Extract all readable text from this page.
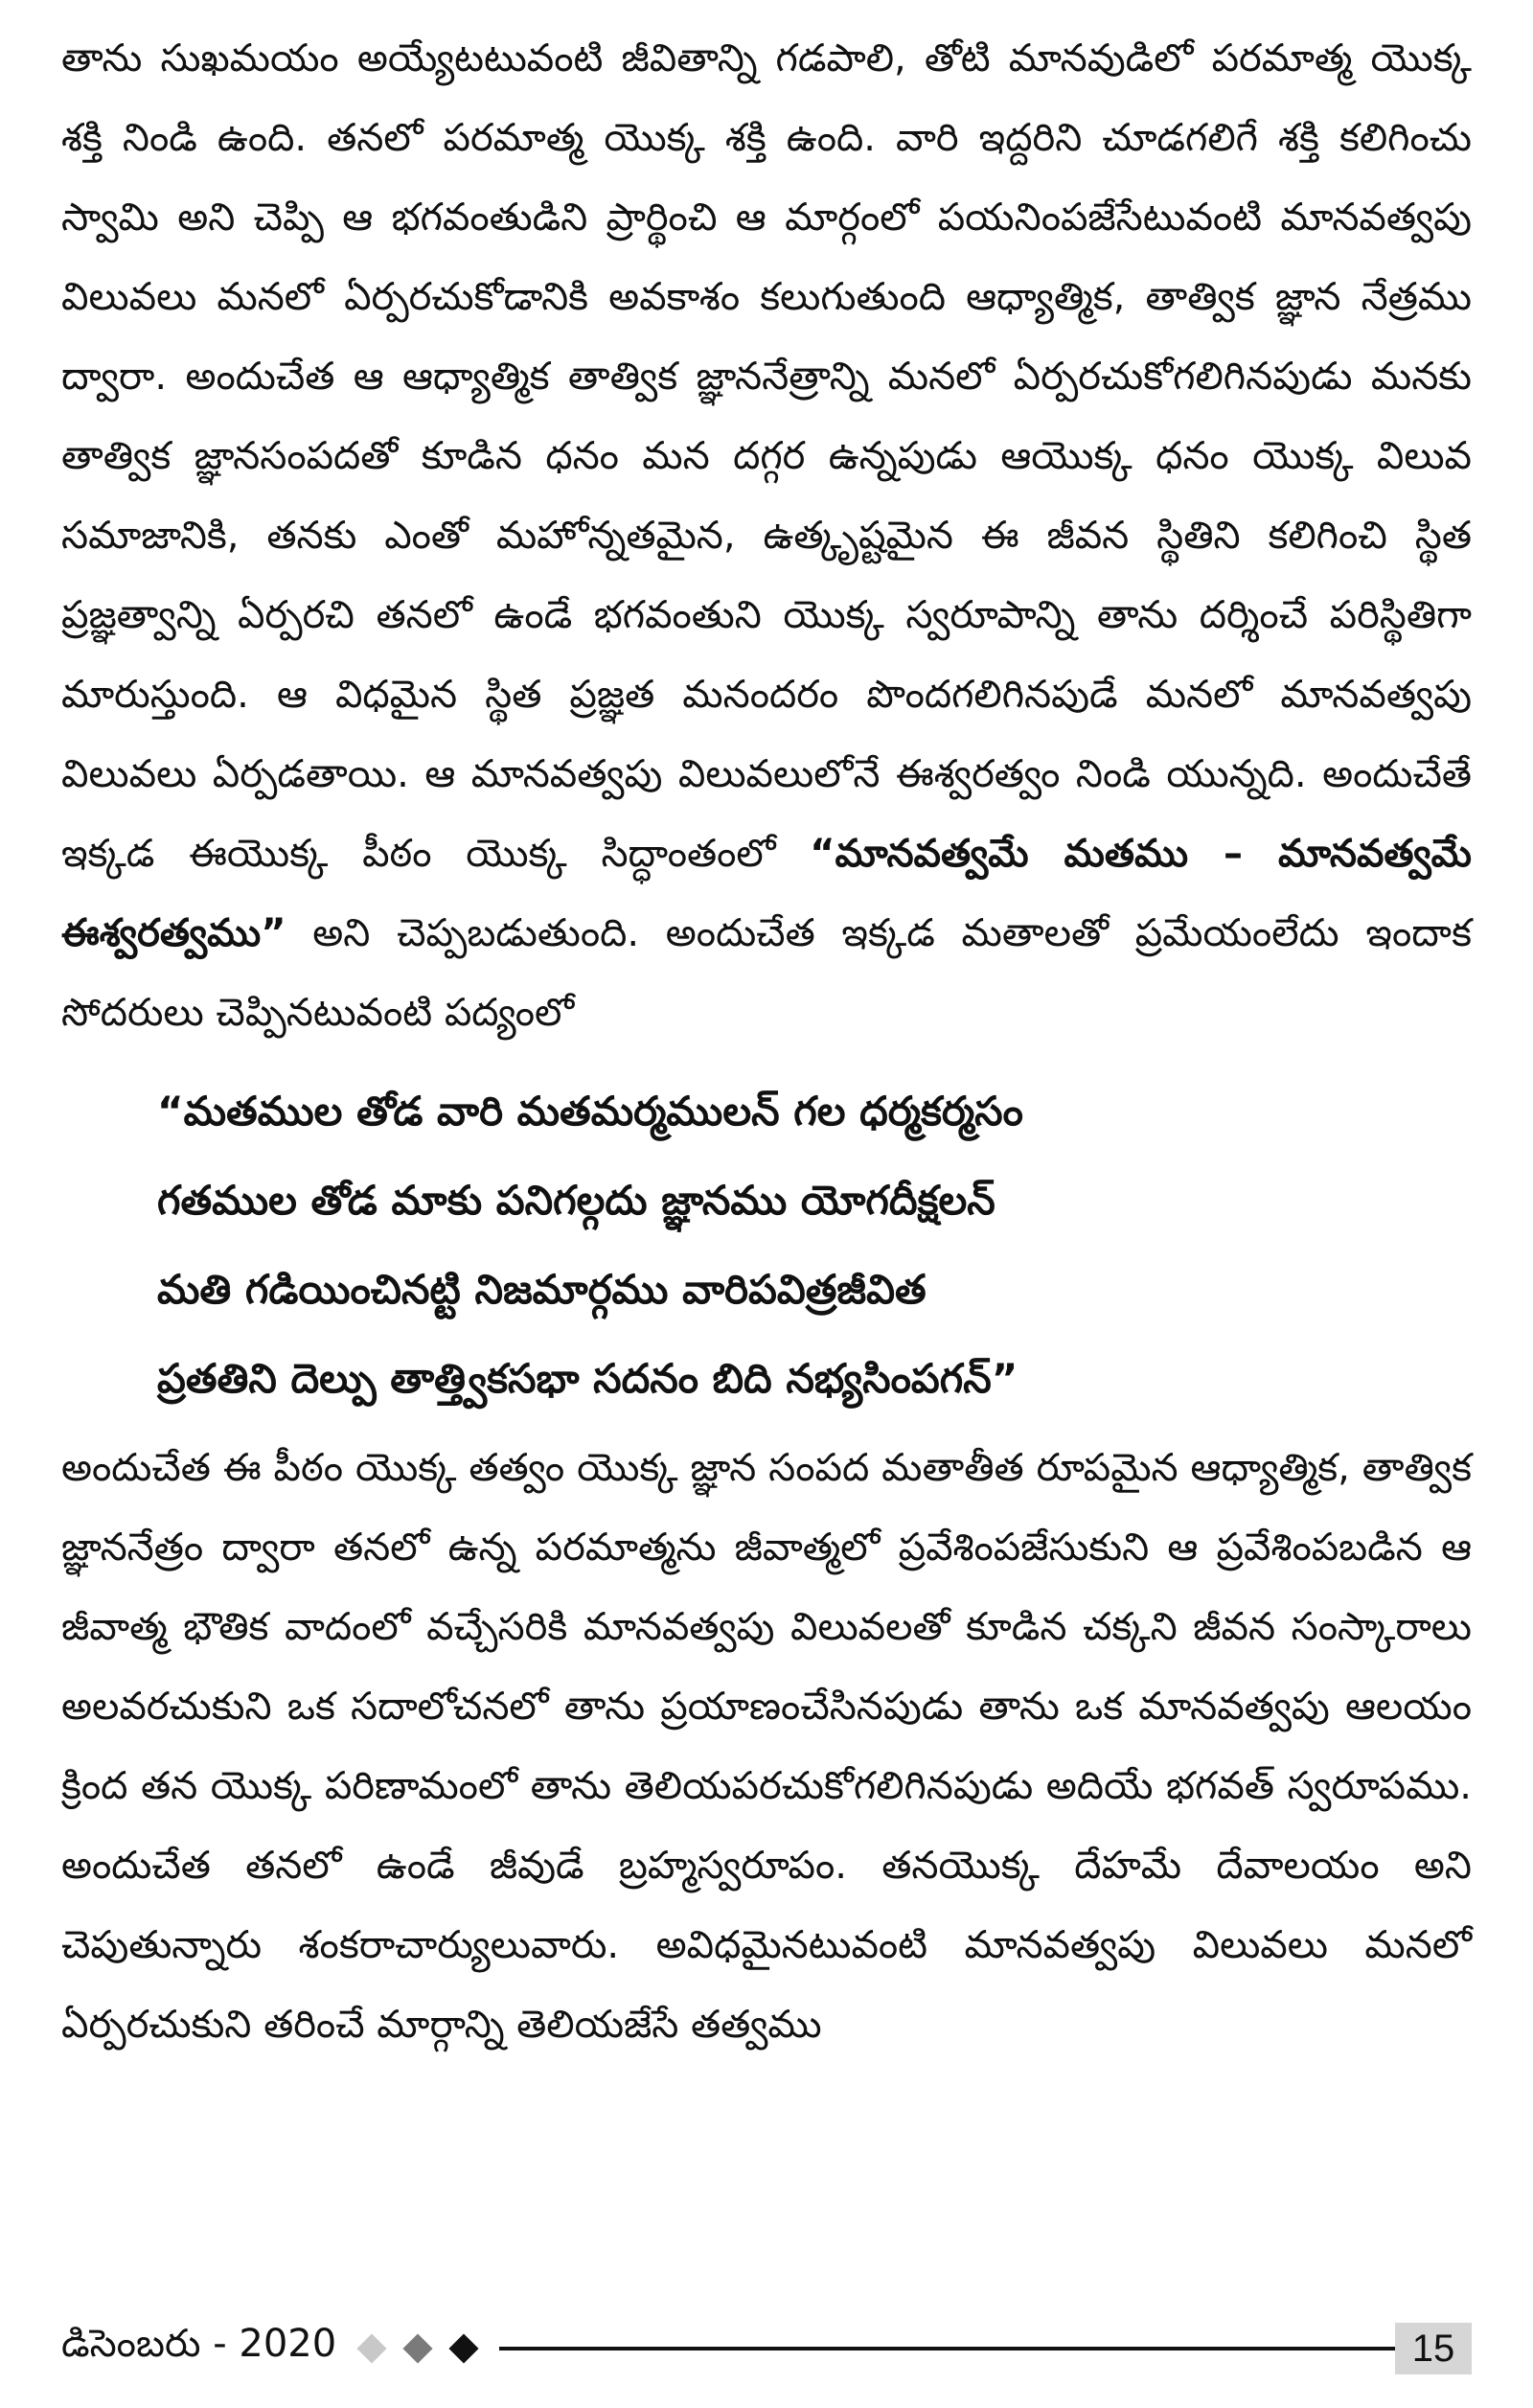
తాను సుఖమయం అయ్యేటటువంటి జీవితాన్ని గడపాలి, తోటి మానవుడిలో పరమాత్మ యొక్క శక్తి నిండి ఉంది. తనలో పరమాత్మ యొక్క శక్తి ఉంది. వారి ఇద్దరిని చూడగలిగే శక్తి కలిగించు స్వామి అని చెప్పి ఆ భగవంతుడిని ప్రార్థించి ఆ మార్గంలో పయనింపజేసేటువంటి మానవత్వపు విలువలు మనలో ఏర్పరచుకోడానికి అవకాశం కలుగుతుంది ఆధ్యాత్మిక, తాత్విక జ్ఞాన నేత్రము ద్వారా. అందుచేత ఆ ఆధ్యాత్మిక తాత్విక జ్ఞాననేత్రాన్ని మనలో ఏర్పరచుకోగలిగినపుడు మనకు తాత్విక జ్ఞానసంపదతో కూడిన ధనం మన దగ్గర ఉన్నపుడు ఆయొక్క ధనం యొక్క విలువ సమాజానికి, తనకు ఎంతో మహోన్నతమైన, ఉత్కృష్టమైన ఈ జీవన స్థితిని కలిగించి స్థిత ప్రజ్ఞత్వాన్ని ఏర్పరచి తనలో ఉండే భగవంతుని యొక్క స్వరూపాన్ని తాను దర్శించే పరిస్థితిగా మారుస్తుంది. ఆ విధమైన స్థిత ప్రజ్ఞత మనందరం పొందగలిగినపుడే మనలో మానవత్వపు విలువలు ఏర్పడతాయి. ఆ మానవత్వపు విలువలులోనే ఈశ్వరత్వం నిండి యున్నది. అందుచేతే ఇక్కడ ఈయొక్క పీఠం యొక్క సిద్ధాంతంలో “మానవత్వమే మతము – మానవత్వమే ఈశ్వరత్వము” అని చెప్పబడుతుంది. అందుచేత ఇక్కడ మతాలతో ప్రమేయంలేదు ఇందాక సోదరులు చెప్పినటువంటి పద్యంలో

“మతముల తోడ వారి మతమర్మములన్ గల ధర్మకర్మసం
గతముల తోడ మాకు పనిగల్గదు జ్ఞానము యోగదీక్షలన్
మతి గడియించినట్టి నిజమార్గము వారిపవిత్రజీవిత
ప్రతతిని దెల్పు తాత్త్వికసభా సదనం బిది నభ్యసింపగన్”

అందుచేత ఈ పీఠం యొక్క తత్వం యొక్క జ్ఞాన సంపద మతాతీత రూపమైన ఆధ్యాత్మిక, తాత్విక జ్ఞాననేత్రం ద్వారా తనలో ఉన్న పరమాత్మను జీవాత్మలో ప్రవేశింపజేసుకుని ఆ ప్రవేశింపబడిన ఆ జీవాత్మ భౌతిక వాదంలో వచ్చేసరికి మానవత్వపు విలువలతో కూడిన చక్కని జీవన సంస్కారాలు అలవరచుకుని ఒక సదాలోచనలో తాను ప్రయాణంచేసినపుడు తాను ఒక మానవత్వపు ఆలయం క్రింద తన యొక్క పరిణామంలో తాను తెలియపరచుకోగలిగినపుడు అదియే భగవత్ స్వరూపము. అందుచేత తనలో ఉండే జీవుడే బ్రహ్మస్వరూపం. తనయొక్క దేహమే దేవాలయం అని చెపుతున్నారు శంకరాచార్యులువారు. అవిధమైనటువంటి మానవత్వపు విలువలు మనలో ఏర్పరచుకుని తరించే మార్గాన్ని తెలియజేసే తత్వము

డిసెంబరు - 2020	15
